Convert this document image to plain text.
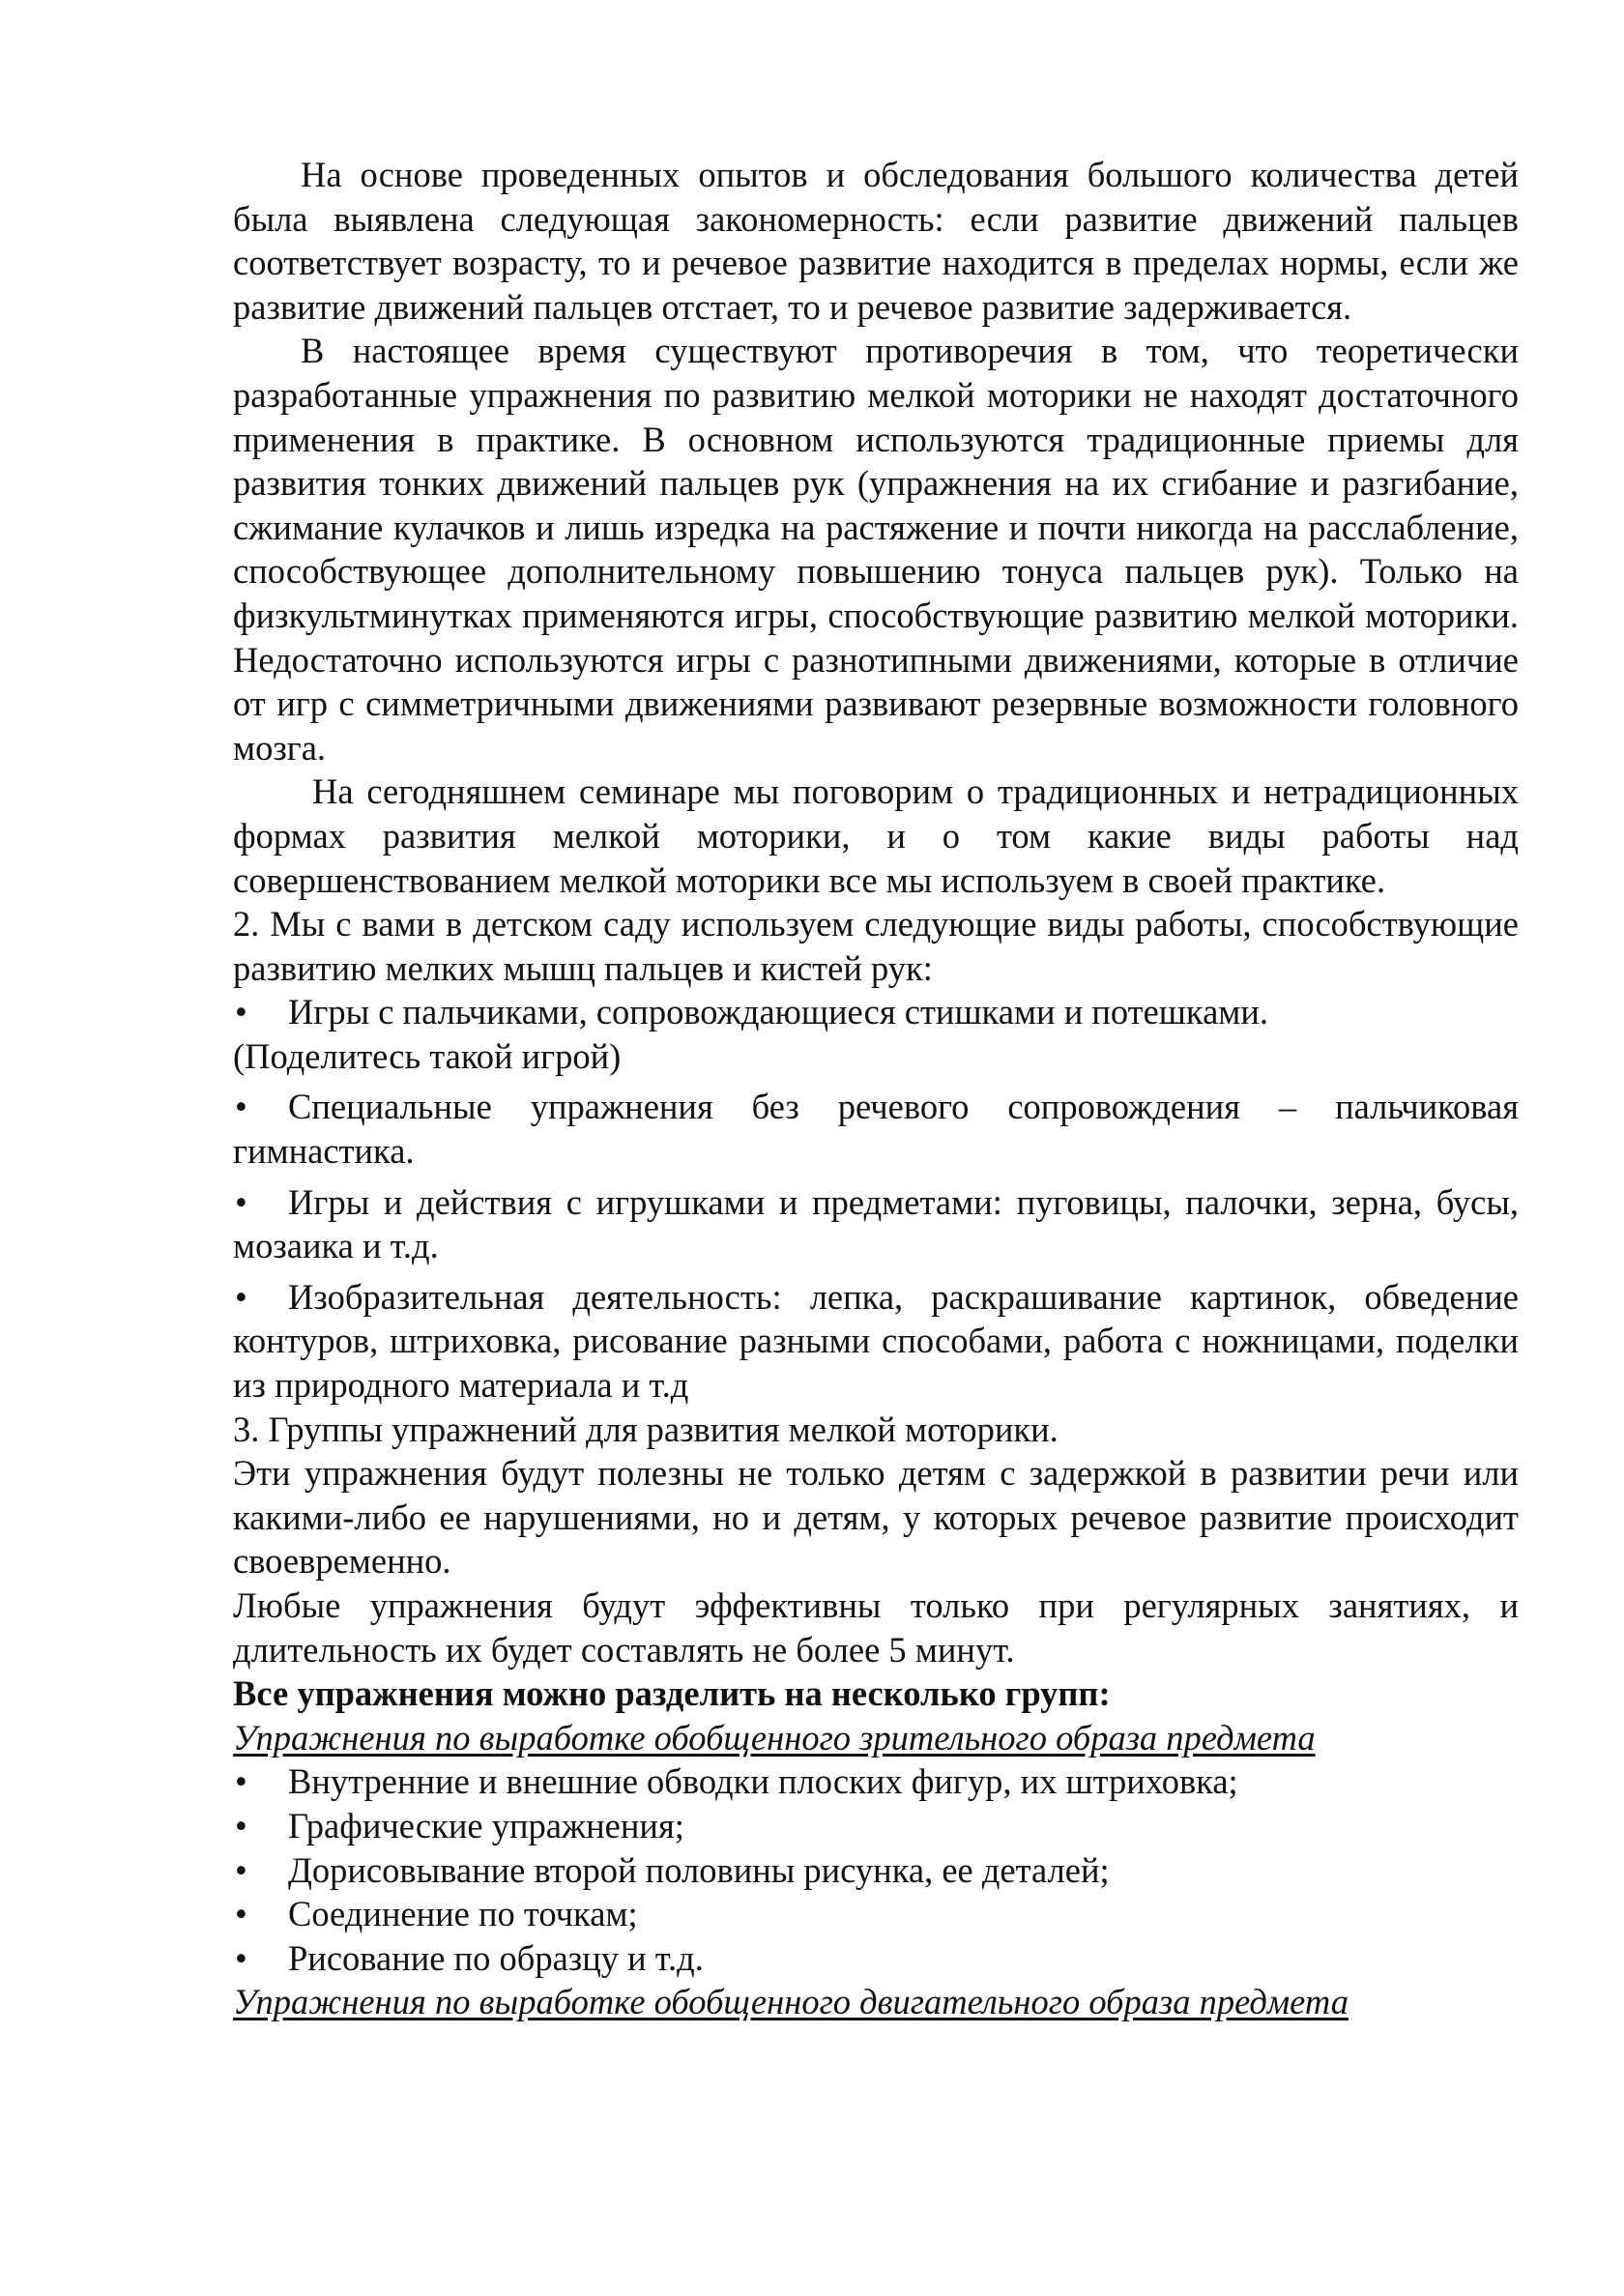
На основе проведенных опытов и обследования большого количества детей была выявлена следующая закономерность: если развитие движений пальцев соответствует возрасту, то и речевое развитие находится в пределах нормы, если же развитие движений пальцев отстает, то и речевое развитие задерживается.

В настоящее время существуют противоречия в том, что теоретически разработанные упражнения по развитию мелкой моторики не находят достаточного применения в практике. В основном используются традиционные приемы для развития тонких движений пальцев рук (упражнения на их сгибание и разгибание, сжимание кулачков и лишь изредка на растяжение и почти никогда на расслабление, способствующее дополнительному повышению тонуса пальцев рук). Только на физкультминутках применяются игры, способствующие развитию мелкой моторики. Недостаточно используются игры с разнотипными движениями, которые в отличие от игр с симметричными движениями развивают резервные возможности головного мозга.

На сегодняшнем семинаре мы поговорим о традиционных и нетрадиционных формах развития мелкой моторики, и о том какие виды работы над совершенствованием мелкой моторики все мы используем в своей практике.

2. Мы с вами в детском саду используем следующие виды работы, способствующие развитию мелких мышц пальцев и кистей рук:

• Игры с пальчиками, сопровождающиеся стишками и потешками.

(Поделитесь такой игрой)

• Специальные упражнения без речевого сопровождения – пальчиковая гимнастика.

• Игры и действия с игрушками и предметами: пуговицы, палочки, зерна, бусы, мозаика и т.д.

• Изобразительная деятельность: лепка, раскрашивание картинок, обведение контуров, штриховка, рисование разными способами, работа с ножницами, поделки из природного материала и т.д

3. Группы упражнений для развития мелкой моторики.

Эти упражнения будут полезны не только детям с задержкой в развитии речи или какими-либо ее нарушениями, но и детям, у которых речевое развитие происходит своевременно.

Любые упражнения будут эффективны только при регулярных занятиях, и длительность их будет составлять не более 5 минут.

Все упражнения можно разделить на несколько групп:

Упражнения по выработке обобщенного зрительного образа предмета

• Внутренние и внешние обводки плоских фигур, их штриховка;

• Графические упражнения;

• Дорисовывание второй половины рисунка, ее деталей;

• Соединение по точкам;

• Рисование по образцу и т.д.

Упражнения по выработке обобщенного двигательного образа предмета
